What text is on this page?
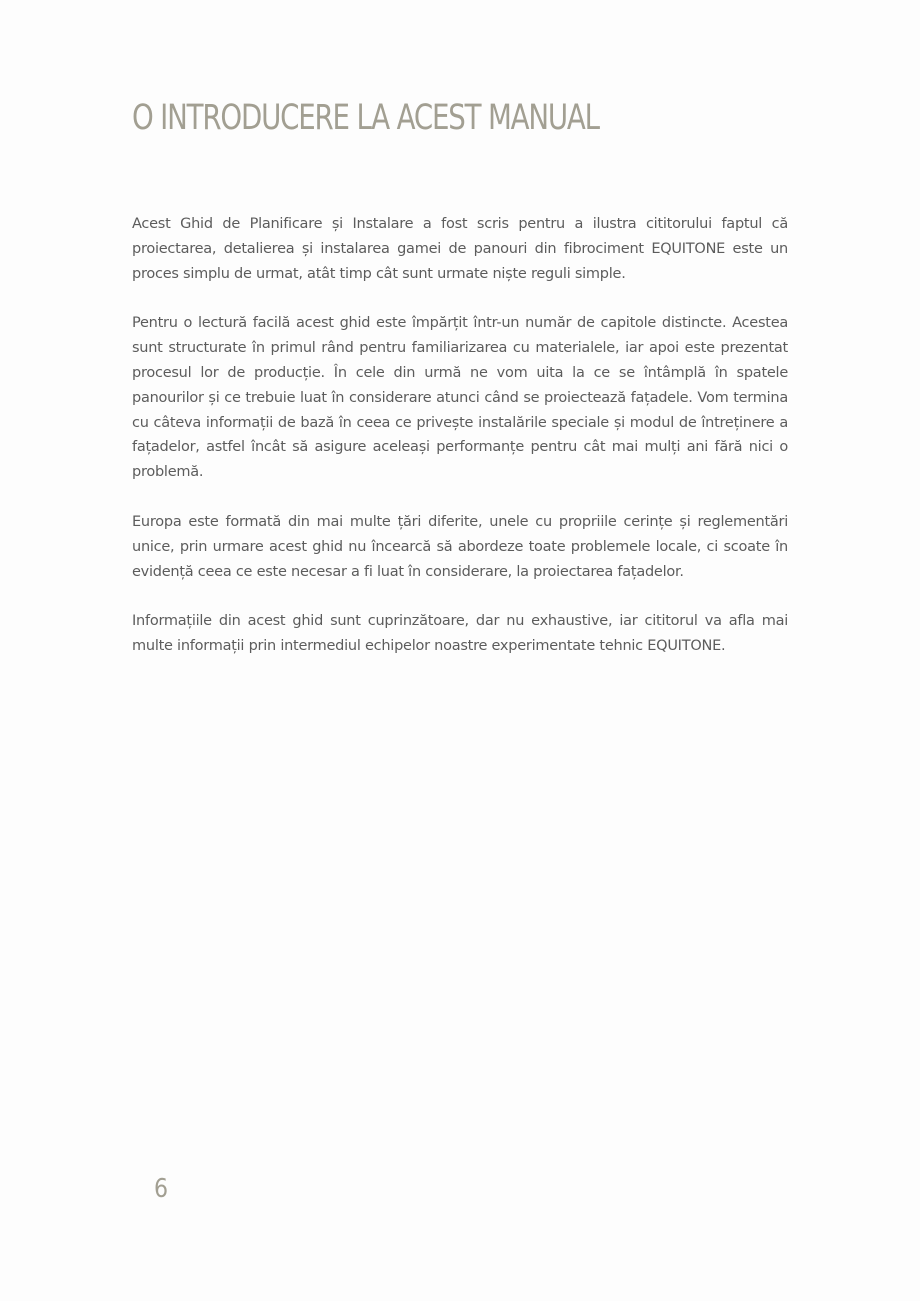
O INTRODUCERE LA ACEST MANUAL

Acest Ghid de Planificare și Instalare a fost scris pentru a ilustra cititorului faptul că proiectarea, detalierea și instalarea gamei de panouri din fibrociment EQUITONE este un proces simplu de urmat, atât timp cât sunt urmate niște reguli simple.

Pentru o lectură facilă acest ghid este împărțit într-un număr de capitole distincte. Acestea sunt structurate în primul rând pentru familiarizarea cu materialele, iar apoi este prezentat procesul lor de producție. În cele din urmă ne vom uita la ce se întâmplă în spatele panourilor și ce trebuie luat în considerare atunci când se proiectează fațadele. Vom termina cu câteva informații de bază în ceea ce privește instalările speciale și modul de întreținere a fațadelor, astfel încât să asigure aceleași performanțe pentru cât mai mulți ani fără nici o problemă.

Europa este formată din mai multe țări diferite, unele cu propriile cerințe și reglementări unice, prin urmare acest ghid nu încearcă să abordeze toate problemele locale, ci scoate în evidență ceea ce este necesar a fi luat în considerare, la proiectarea fațadelor.

Informațiile din acest ghid sunt cuprinzătoare, dar nu exhaustive, iar cititorul va afla mai multe informații prin intermediul echipelor noastre experimentate tehnic EQUITONE.

6
